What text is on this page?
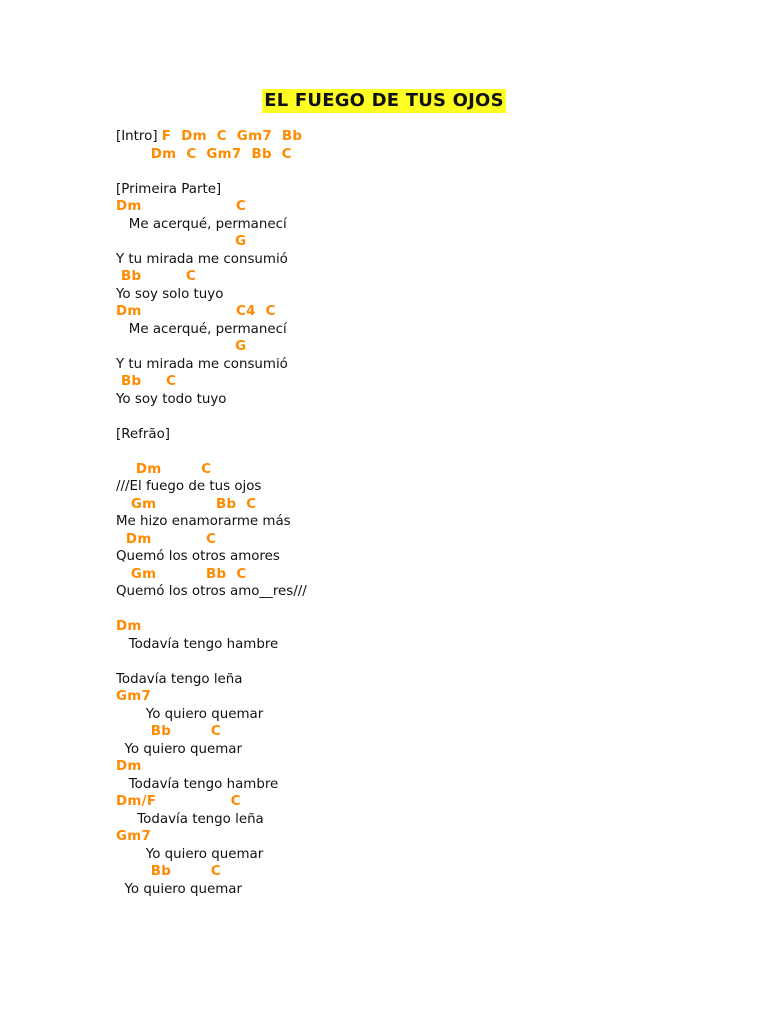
EL FUEGO DE TUS OJOS
[Intro] F  Dm  C  Gm7  Bb
Dm  C  Gm7  Bb  C
[Primeira Parte]
Dm                   C
Me acerqué, permanecí
G
Y tu mirada me consumió
Bb         C
Yo soy solo tuyo
Dm                   C4  C
Me acerqué, permanecí
G
Y tu mirada me consumió
Bb     C
Yo soy todo tuyo
[Refrão]
Dm        C
///El fuego de tus ojos
Gm            Bb  C
Me hizo enamorarme más
Dm           C
Quemó los otros amores
Gm          Bb  C
Quemó los otros amo__res///
Dm
Todavía tengo hambre
Todavía tengo leña
Gm7
Yo quiero quemar
Bb        C
Yo quiero quemar
Dm
Todavía tengo hambre
Dm/F               C
Todavía tengo leña
Gm7
Yo quiero quemar
Bb        C
Yo quiero quemar
